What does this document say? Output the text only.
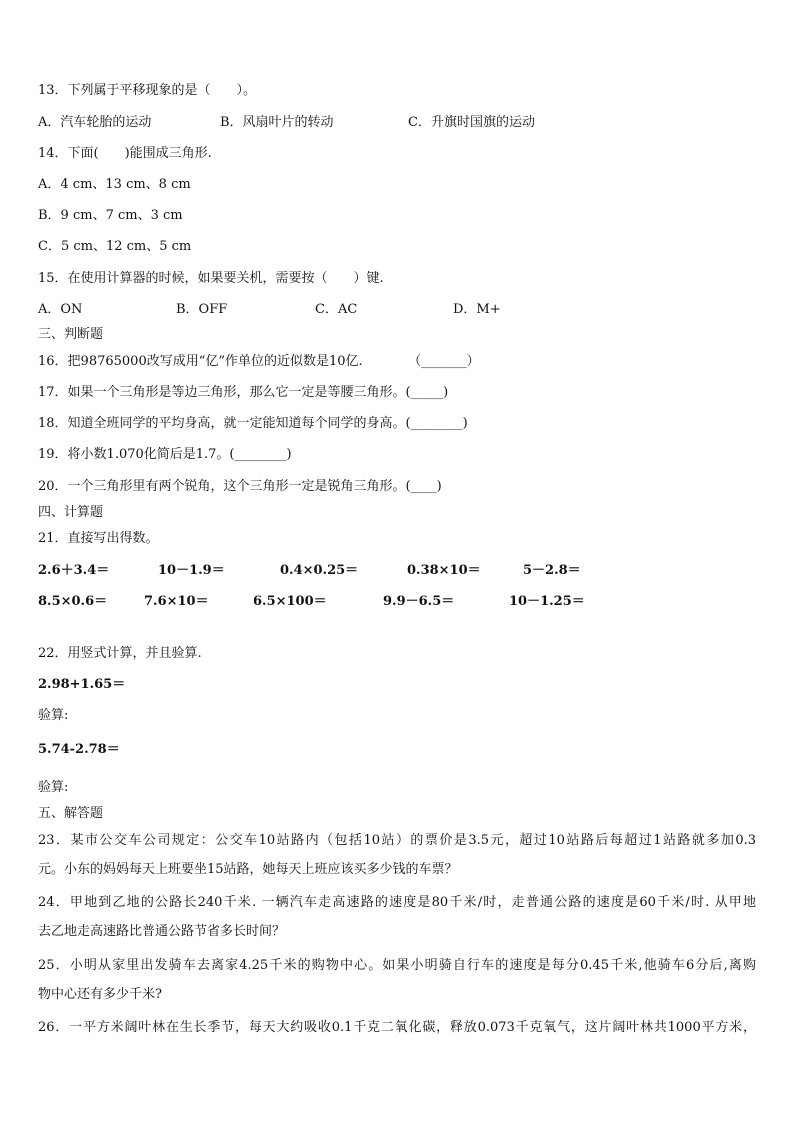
13．下列属于平移现象的是（　　）。
A．汽车轮胎的运动	B．风扇叶片的转动	C．升旗时国旗的运动
14．下面(　　)能围成三角形.
A．4 cm、13 cm、8 cm
B．9 cm、7 cm、3 cm
C．5 cm、12 cm、5 cm
15．在使用计算器的时候，如果要关机，需要按（　　）键.
A．ON	B．OFF	C．AC	D．M+
三、判断题
16．把98765000改写成用“亿”作单位的近似数是10亿.　　　　（_______）
17．如果一个三角形是等边三角形，那么它一定是等腰三角形。(_____)
18．知道全班同学的平均身高，就一定能知道每个同学的身高。(________)
19．将小数1.070化简后是1.7。(________)
20．一个三角形里有两个锐角，这个三角形一定是锐角三角形。(____)
四、计算题
21．直接写出得数。
2.6＋3.4＝	10－1.9＝	0.4×0.25＝	0.38×10＝	5－2.8＝
8.5×0.6＝	7.6×10＝	6.5×100＝	9.9－6.5＝	10－1.25＝
22．用竖式计算，并且验算.
2.98+1.65＝
验算:
5.74-2.78＝
验算:
五、解答题
23．某市公交车公司规定：公交车10站路内（包括10站）的票价是3.5元，超过10站路后每超过1站路就多加0.3
元。小东的妈妈每天上班要坐15站路，她每天上班应该买多少钱的车票？
24．甲地到乙地的公路长240千米. 一辆汽车走高速路的速度是80千米/时，走普通公路的速度是60千米/时. 从甲地
去乙地走高速路比普通公路节省多长时间？
25．小明从家里出发骑车去离家4.25千米的购物中心。如果小明骑自行车的速度是每分0.45千米,他骑车6分后,离购
物中心还有多少千米?
26．一平方米阔叶林在生长季节，每天大约吸收0.1千克二氧化碳，释放0.073千克氧气，这片阔叶林共1000平方米，
